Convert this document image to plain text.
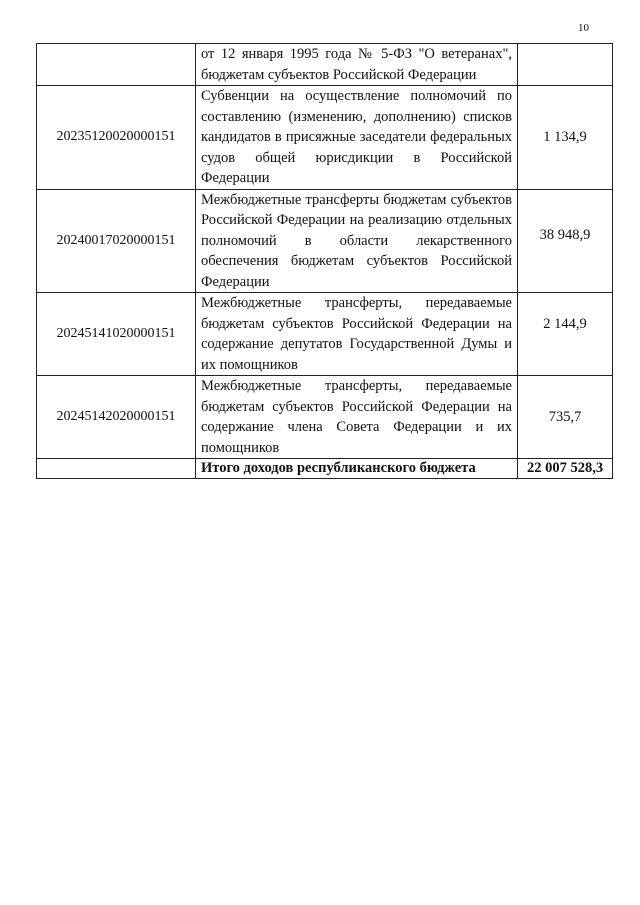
10
	от 12 января 1995 года № 5-ФЗ "О ветеранах", бюджетам субъектов Российской Федерации	
20235120020000151	Субвенции на осуществление полномочий по составлению (изменению, дополнению) списков кандидатов в присяжные заседатели федеральных судов общей юрисдикции в Российской Федерации	1 134,9
20240017020000151	Межбюджетные трансферты бюджетам субъектов Российской Федерации на реализацию отдельных полномочий в области лекарственного обеспечения бюджетам субъектов Российской Федерации	38 948,9

20245141020000151	Межбюджетные трансферты, передаваемые бюджетам субъектов Российской Федерации на содержание депутатов Государственной Думы и их помощников	2 144,9

20245142020000151	Межбюджетные трансферты, передаваемые бюджетам субъектов Российской Федерации на содержание члена Совета Федерации и их помощников	735,7
	Итого доходов республиканского бюджета	22 007 528,3
